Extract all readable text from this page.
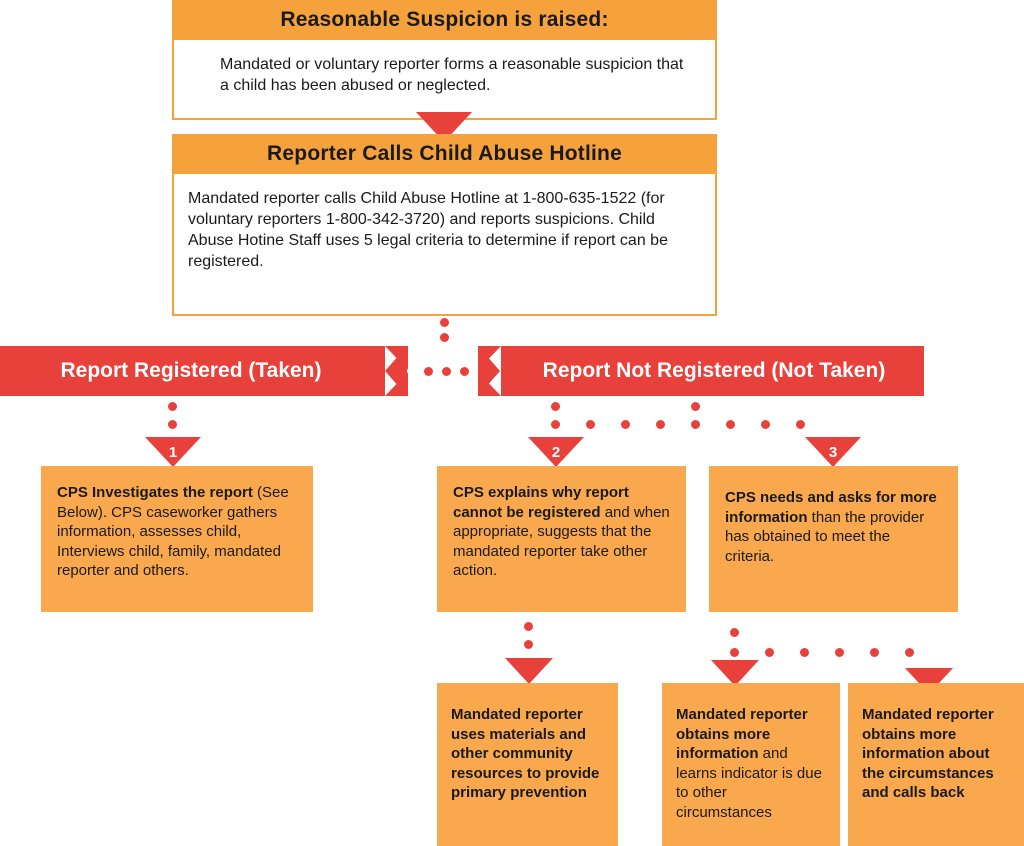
Reasonable Suspicion is raised:

Mandated or voluntary reporter forms a reasonable suspicion that a child has been abused or neglected.

Reporter Calls Child Abuse Hotline

Mandated reporter calls Child Abuse Hotline at 1-800-635-1522 (for voluntary reporters 1-800-342-3720) and reports suspicions. Child Abuse Hotine Staff uses 5 legal criteria to determine if report can be registered.

Report Registered (Taken)	Report Not Registered (Not Taken)
1	2	3

CPS Investigates the report (See Below). CPS caseworker gathers information, assesses child, Interviews child, family, mandated reporter and others.

CPS explains why report cannot be registered and when appropriate, suggests that the mandated reporter take other action.

CPS needs and asks for more information than the provider has obtained to meet the criteria.

Mandated reporter uses materials and other community resources to provide primary prevention

Mandated reporter obtains more information and learns indicator is due to other circumstances

Mandated reporter obtains more information about the circumstances and calls back
